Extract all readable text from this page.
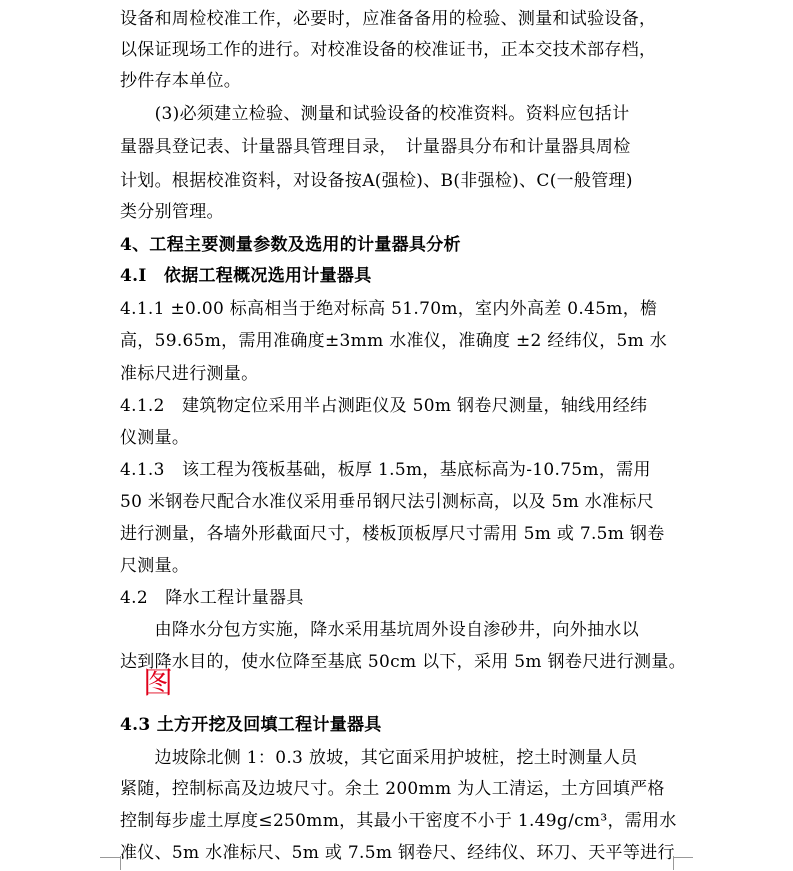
设备和周检校准工作，必要时，应准备备用的检验、测量和试验设备，
以保证现场工作的进行。对校准设备的校准证书，正本交技术部存档，
抄件存本单位。
　　(3)必须建立检验、测量和试验设备的校准资料。资料应包括计
量器具登记表、计量器具管理目录，　计量器具分布和计量器具周检
计划。根据校准资料，对设备按A(强检)、B(非强检)、C(一般管理)
类分别管理。
4、工程主要测量参数及选用的计量器具分析
4.Ⅰ　依据工程概况选用计量器具
4.1.1 ±0.00 标高相当于绝对标高 51.70m，室内外高差 0.45m，檐
高，59.65m，需用准确度±3mm 水准仪，准确度 ±2 经纬仪，5m 水
准标尺进行测量。
4.1.2　建筑物定位采用半占测距仪及 50m 钢卷尺测量，轴线用经纬
仪测量。
4.1.3　该工程为筏板基础，板厚 1.5m，基底标高为-10.75m，需用
50 米钢卷尺配合水准仪采用垂吊钢尺法引测标高，以及 5m 水准标尺
进行测量，各墙外形截面尺寸，楼板顶板厚尺寸需用 5m 或 7.5m 钢卷
尺测量。
4.2　降水工程计量器具
　　由降水分包方实施，降水采用基坑周外设自渗砂井，向外抽水以
达到降水目的，使水位降至基底 50cm 以下，采用 5m 钢卷尺进行测量。
图
4.3 土方开挖及回填工程计量器具
　　边坡除北侧 1：0.3 放坡，其它面采用护坡桩，挖土时测量人员
紧随，控制标高及边坡尺寸。余土 200mm 为人工清运，土方回填严格
控制每步虚土厚度≤250mm，其最小干密度不小于 1.49g/cm³，需用水
准仪、5m 水准标尺、5m 或 7.5m 钢卷尺、经纬仪、环刀、天平等进行
